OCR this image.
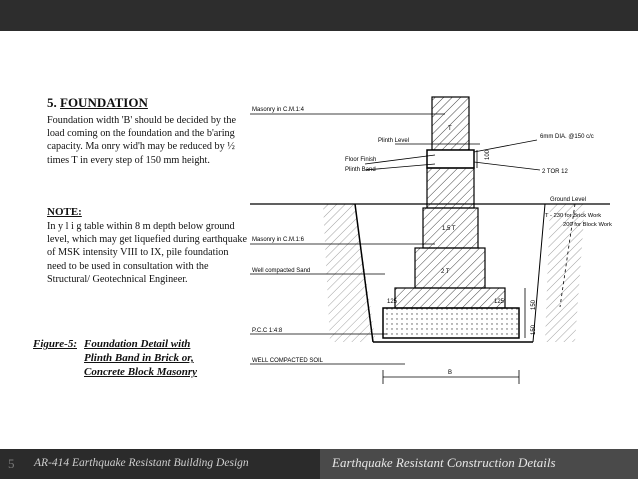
5. FOUNDATION

Foundation width 'B' should be decided by the load coming on the foundation and the b'aring capacity. Ma onry wid'h may be reduced by ½ times T in every step of 150 mm height.

NOTE:

In y l i g table within 8 m depth below ground level, which may get liquefied during earthquake of MSK intensity VIII to IX, pile foundation need to be used in consultation with the Structural/ Geotechnical Engineer.

Figure-5: Foundation Detail with
Plinth Band in Brick or,
Concrete Block Masonry
Masonry in C.M.1:4
T
Plinth Level
6mm DIA. @150 c/c
100
Floor Finish
Plinth Band	2 TOR 12
Ground Level
T - 230 for Brick Work
200 for Block Work
1.5 T
Masonry in C.M.1:6
Well compacted Sand	2 T
125	125	150
150
P.C.C 1:4:8
WELL COMPACTED SOIL
B
5 AR-414 Earthquake Resistant Building Design	Earthquake Resistant Construction Details
